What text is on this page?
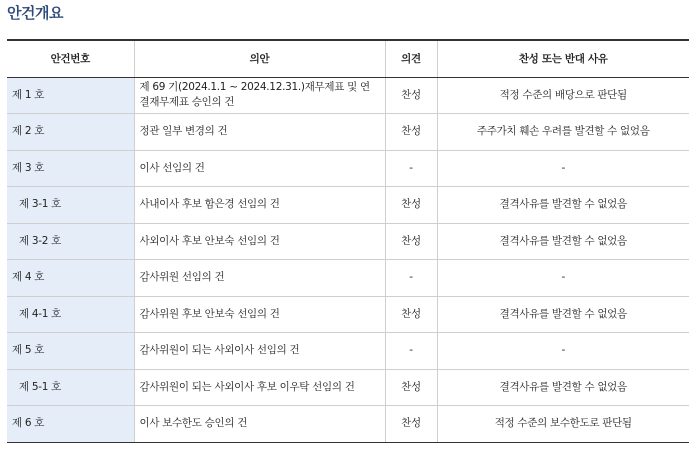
안건개요
안건번호	의안	의견	찬성 또는 반대 사유
제 1 호	제 69 기(2024.1.1 ~ 2024.12.31.)재무제표 및 연결재무제표 승인의 건	찬성	적정 수준의 배당으로 판단됨
제 2 호	정관 일부 변경의 건	찬성	주주가치 훼손 우려를 발견할 수 없었음
제 3 호	이사 선임의 건	-	-
제 3-1 호	사내이사 후보 함은경 선임의 건	찬성	결격사유를 발견할 수 없었음
제 3-2 호	사외이사 후보 안보숙 선임의 건	찬성	결격사유를 발견할 수 없었음
제 4 호	감사위원 선임의 건	-	-
제 4-1 호	감사위원 후보 안보숙 선임의 건	찬성	결격사유를 발견할 수 없었음
제 5 호	감사위원이 되는 사외이사 선임의 건	-	-
제 5-1 호	감사위원이 되는 사외이사 후보 이우탁 선임의 건	찬성	결격사유를 발견할 수 없었음
제 6 호	이사 보수한도 승인의 건	찬성	적정 수준의 보수한도로 판단됨
